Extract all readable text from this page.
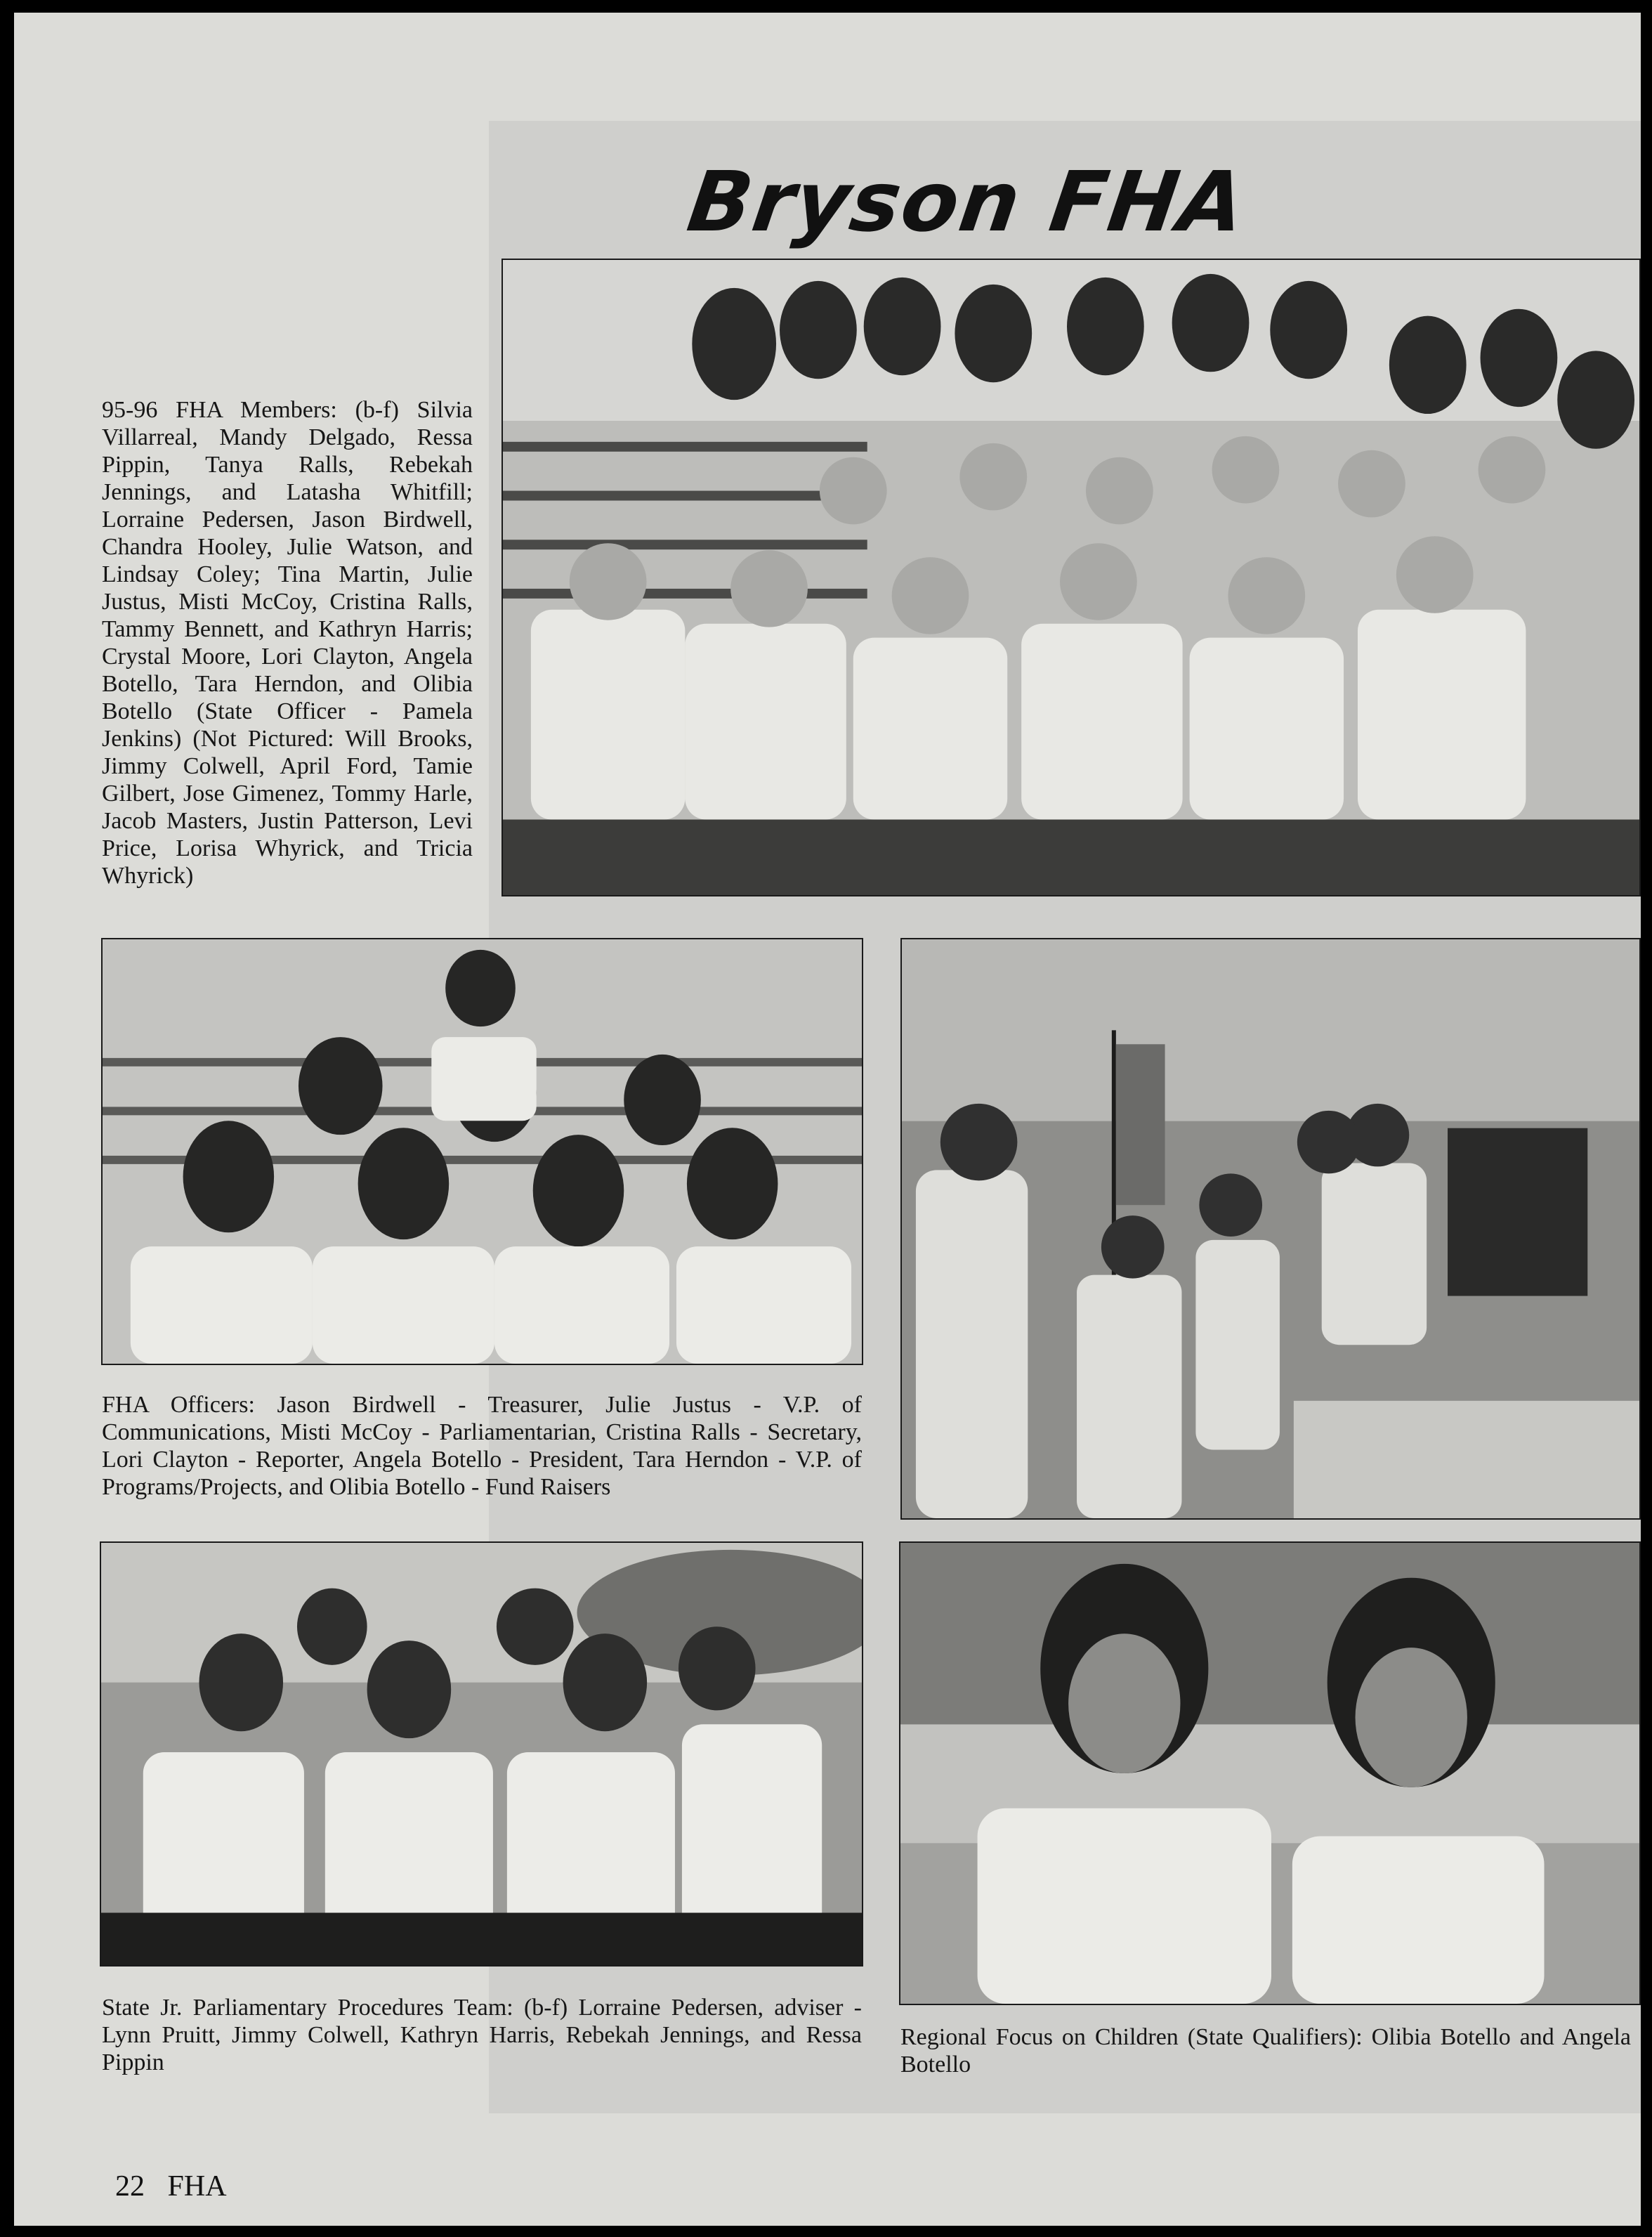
Bryson FHA

95-96 FHA Members: (b-f) Silvia Villarreal, Mandy Delgado, Ressa Pippin, Tanya Ralls, Rebekah Jennings, and Latasha Whitfill; Lorraine Pedersen, Jason Birdwell, Chandra Hooley, Julie Watson, and Lindsay Coley; Tina Martin, Julie Justus, Misti McCoy, Cristina Ralls, Tammy Bennett, and Kathryn Harris; Crystal Moore, Lori Clayton, Angela Botello, Tara Herndon, and Olibia Botello (State Officer - Pamela Jenkins) (Not Pictured: Will Brooks, Jimmy Colwell, April Ford, Tamie Gilbert, Jose Gimenez, Tommy Harle, Jacob Masters, Justin Patterson, Levi Price, Lorisa Whyrick, and Tricia Whyrick)

FHA Officers: Jason Birdwell - Treasurer, Julie Justus - V.P. of Communications, Misti McCoy - Parliamentarian, Cristina Ralls - Secretary, Lori Clayton - Reporter, Angela Botello - President, Tara Herndon - V.P. of Programs/Projects, and Olibia Botello - Fund Raisers

State Jr. Parliamentary Procedures Team: (b-f) Lorraine Pedersen, adviser - Lynn Pruitt, Jimmy Colwell, Kathryn Harris, Rebekah Jennings, and Ressa Pippin

Regional Focus on Children (State Qualifiers): Olibia Botello and Angela Botello

22 FHA
